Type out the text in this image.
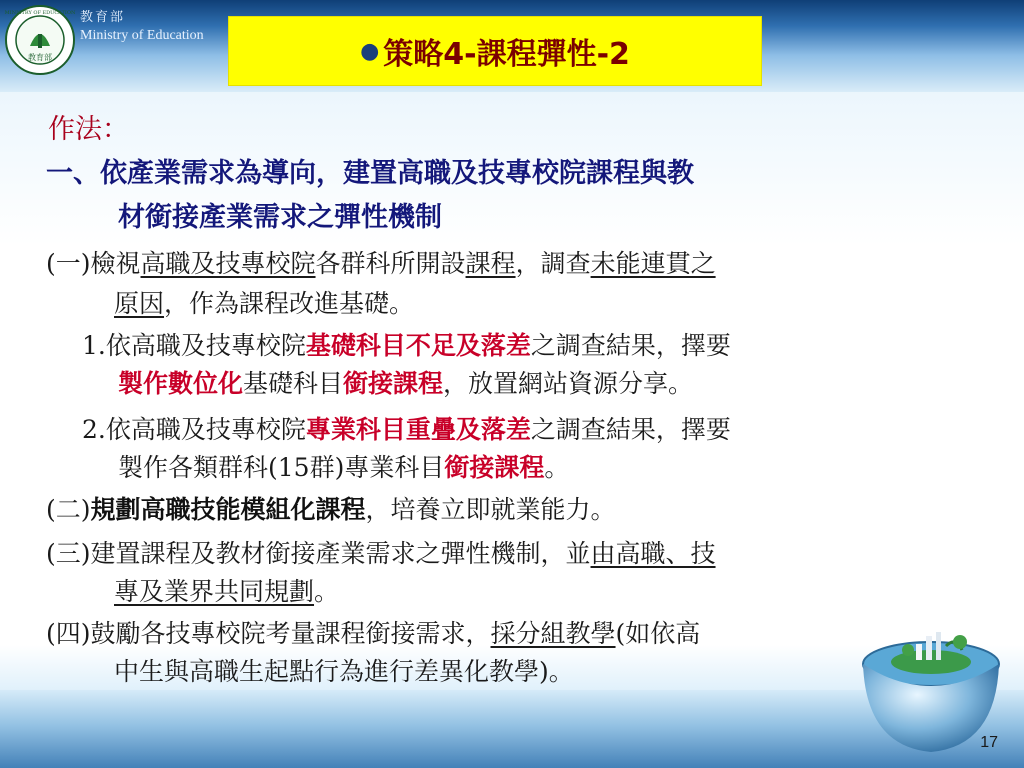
教育部
MINISTRY OF EDUCATION 教育部
Ministry of Education
● 策略4-課程彈性-2
作法：
一、依產業需求為導向，建置高職及技專校院課程與教
材銜接產業需求之彈性機制
(一)檢視高職及技專校院各群科所開設課程，調查未能連貫之
原因，作為課程改進基礎。
1.依高職及技專校院基礎科目不足及落差之調查結果，擇要
製作數位化基礎科目銜接課程，放置網站資源分享。
2.依高職及技專校院專業科目重疊及落差之調查結果，擇要
製作各類群科(15群)專業科目銜接課程。
(二)規劃高職技能模組化課程，培養立即就業能力。
(三)建置課程及教材銜接產業需求之彈性機制，並由高職、技
專及業界共同規劃。
(四)鼓勵各技專校院考量課程銜接需求，採分組教學(如依高
中生與高職生起點行為進行差異化教學)。
17
